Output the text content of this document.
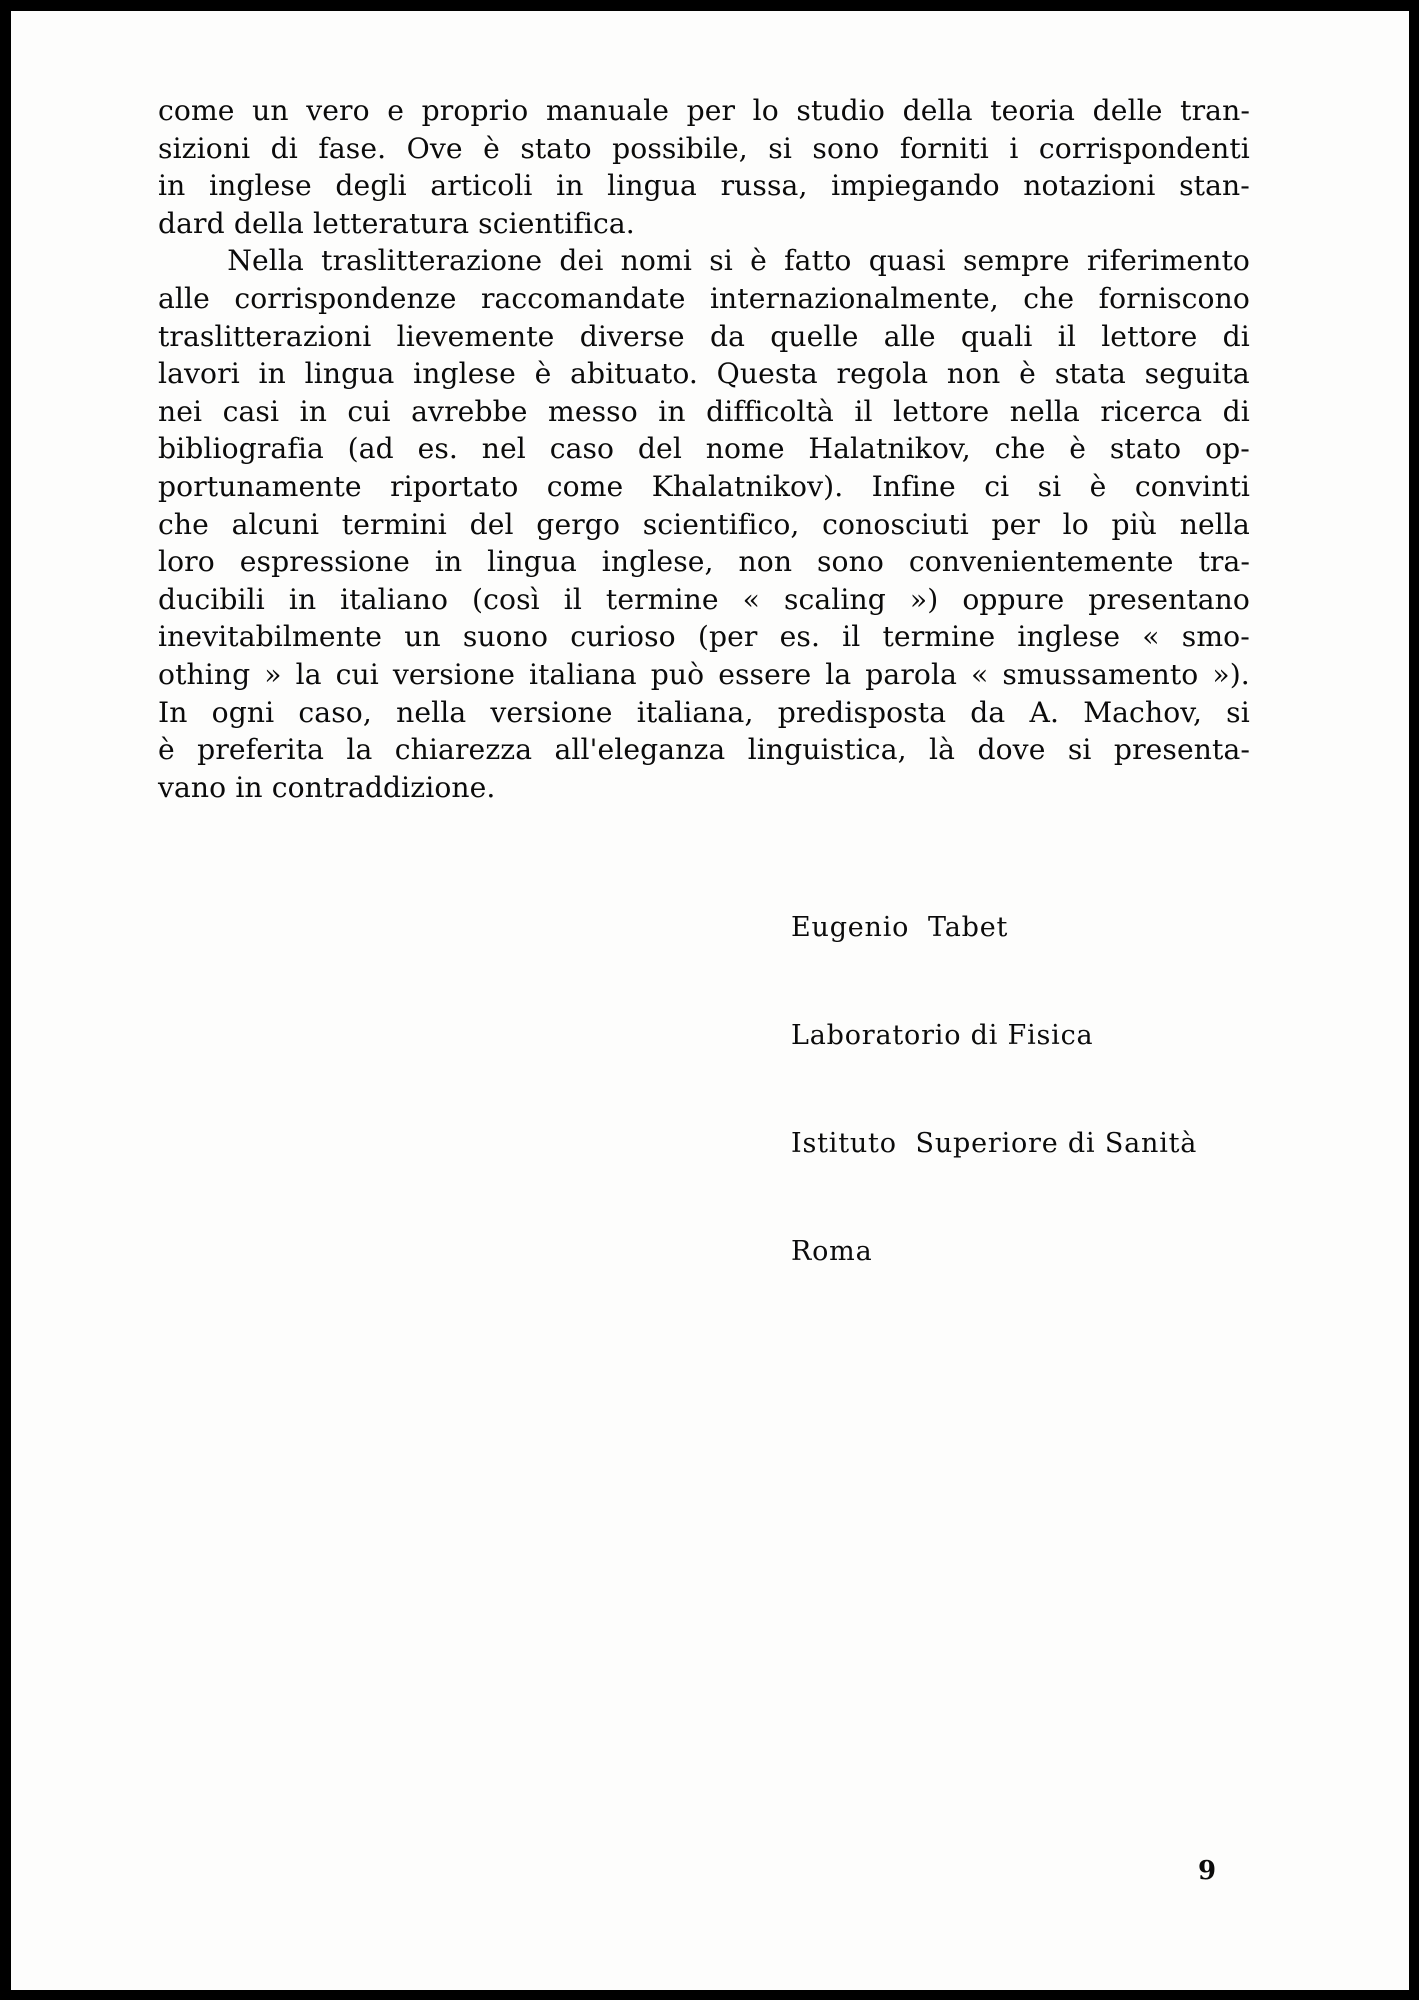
come un vero e proprio manuale per lo studio della teoria delle tran-
sizioni di fase. Ove è stato possibile, si sono forniti i corrispondenti
in inglese degli articoli in lingua russa, impiegando notazioni stan-
dard della letteratura scientifica.

Nella traslitterazione dei nomi si è fatto quasi sempre riferimento
alle corrispondenze raccomandate internazionalmente, che forniscono
traslitterazioni lievemente diverse da quelle alle quali il lettore di
lavori in lingua inglese è abituato. Questa regola non è stata seguita
nei casi in cui avrebbe messo in difficoltà il lettore nella ricerca di
bibliografia (ad es. nel caso del nome Halatnikov, che è stato op-
portunamente riportato come Khalatnikov). Infine ci si è convinti
che alcuni termini del gergo scientifico, conosciuti per lo più nella
loro espressione in lingua inglese, non sono convenientemente tra-
ducibili in italiano (così il termine « scaling ») oppure presentano
inevitabilmente un suono curioso (per es. il termine inglese « smo-
othing » la cui versione italiana può essere la parola « smussamento »).
In ogni caso, nella versione italiana, predisposta da A. Machov, si
è preferita la chiarezza all'eleganza linguistica, là dove si presenta-
vano in contraddizione.

Eugenio  Tabet

Laboratorio di Fisica

Istituto  Superiore di Sanità

Roma

9
